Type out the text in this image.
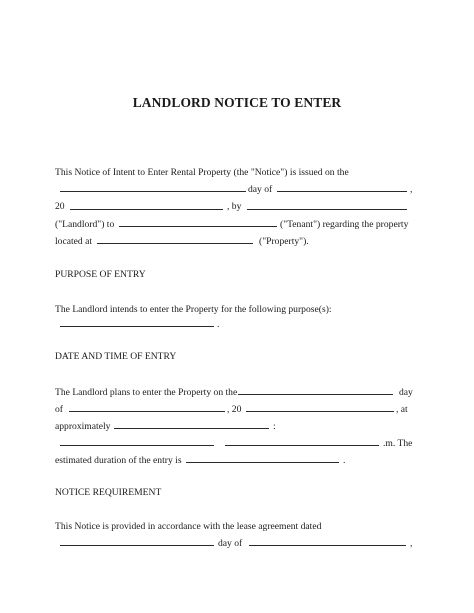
LANDLORD NOTICE TO ENTER
This Notice of Intent to Enter Rental Property (the "Notice") is issued on the
day of	,
20	, by
("Landlord") to	("Tenant") regarding the property
located at	("Property").
PURPOSE OF ENTRY
The Landlord intends to enter the Property for the following purpose(s):
.
DATE AND TIME OF ENTRY
The Landlord plans to enter the Property on the	day
of	, 20	, at
approximately	:
.m. The
estimated duration of the entry is	.
NOTICE REQUIREMENT
This Notice is provided in accordance with the lease agreement dated
day of	,
